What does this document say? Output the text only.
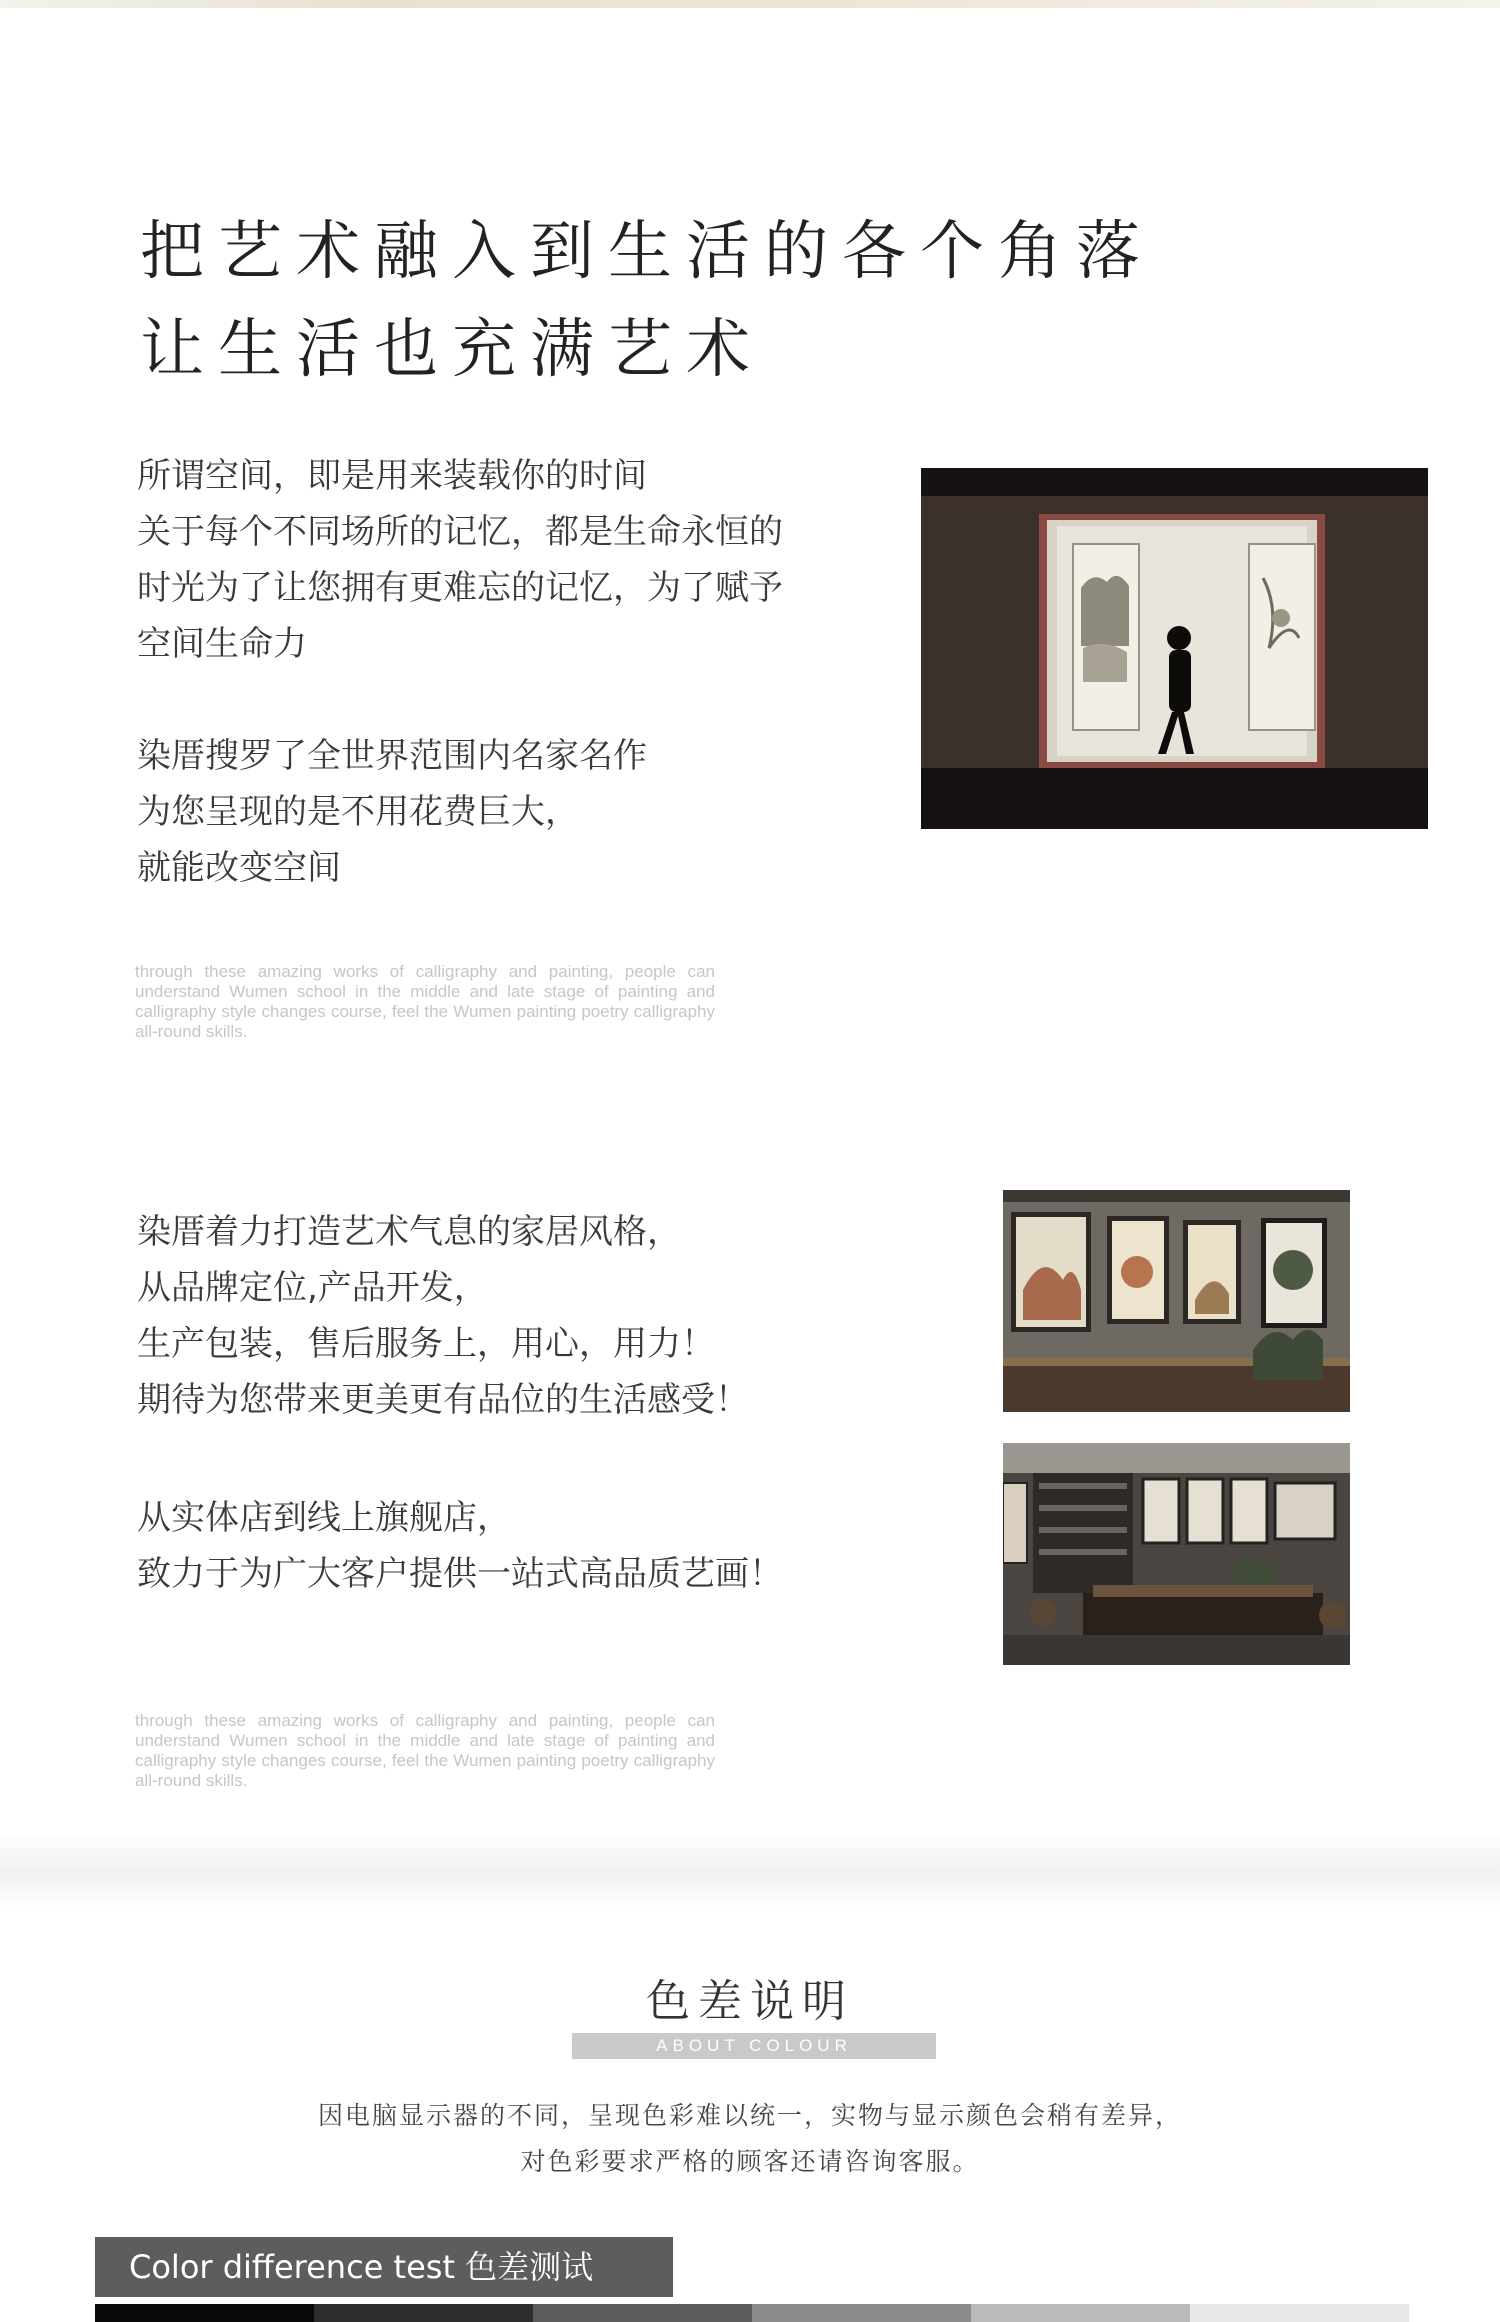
把艺术融入到生活的各个角落
让生活也充满艺术

所谓空间，即是用来装载你的时间

关于每个不同场所的记忆，都是生命永恒的

时光为了让您拥有更难忘的记忆，为了赋予

空间生命力

染厝搜罗了全世界范围内名家名作

为您呈现的是不用花费巨大，

就能改变空间

through these amazing works of calligraphy and painting, people can understand Wumen school in the middle and late stage of painting and calligraphy style changes course, feel the Wumen painting poetry calligraphy all-round skills.

染厝着力打造艺术气息的家居风格，

从品牌定位,产品开发，

生产包装，售后服务上，用心，用力！

期待为您带来更美更有品位的生活感受！

从实体店到线上旗舰店，

致力于为广大客户提供一站式高品质艺画！

through these amazing works of calligraphy and painting, people can understand Wumen school in the middle and late stage of painting and calligraphy style changes course, feel the Wumen painting poetry calligraphy all-round skills.
色差说明
ABOUT COLOUR

因电脑显示器的不同，呈现色彩难以统一，实物与显示颜色会稍有差异，

对色彩要求严格的顾客还请咨询客服。

Color difference test 色差测试
